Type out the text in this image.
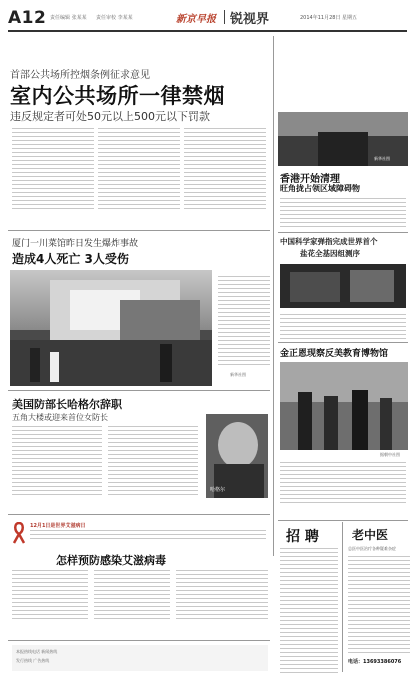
A12 责任编辑 张某某 责任审校 李某某	新京早报 锐视界	2014年11月28日 星期五
首部公共场所控烟条例征求意见
室内公共场所一律禁烟
违反规定者可处50元以上500元以下罚款
厦门一川菜馆昨日发生爆炸事故
造成4人死亡 3人受伤
新华社图
美国防部长哈格尔辞职
五角大楼或迎来首位女防长
哈格尔
12月1日是世界艾滋病日
怎样预防感染艾滋病毒
本报热线电话 新闻热线
发行热线 广告热线
新华社图
香港开始清理
旺角拢占领区域障碍物
中国科学家弹指完成世界首个
盐花全基因组测序
金正恩现察反美教育博物馆
据朝中社图
招 聘	老中医
总医中医治疗各种疑难杂症
电话：13693386076
